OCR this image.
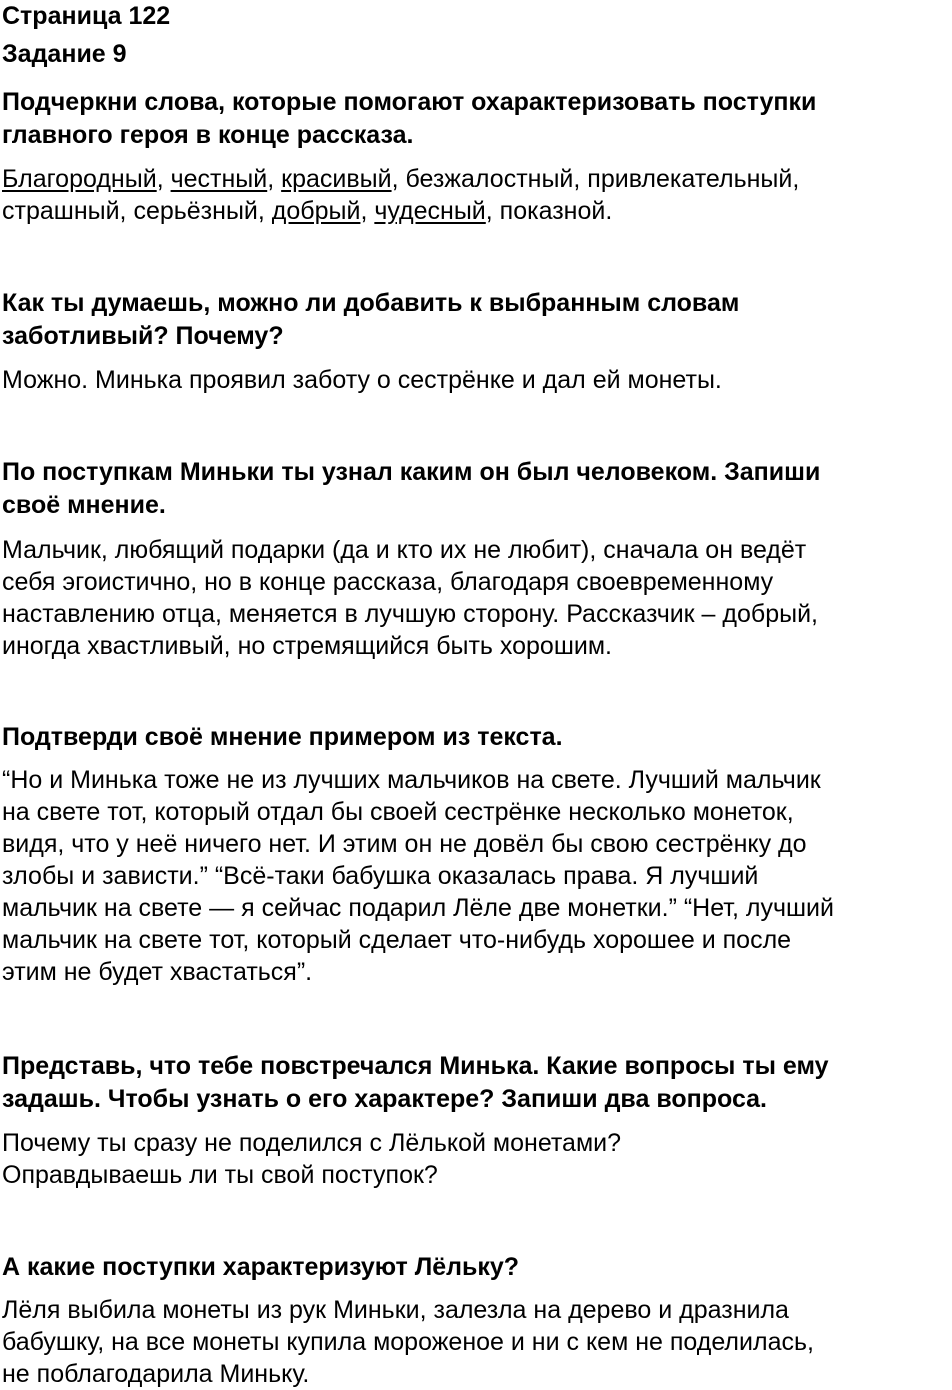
Страница 122
Задание 9
Подчеркни слова, которые помогают охарактеризовать поступки
главного героя в конце рассказа.
Благородный, честный, красивый, безжалостный, привлекательный,
страшный, серьёзный, добрый, чудесный, показной.
Как ты думаешь, можно ли добавить к выбранным словам
заботливый? Почему?
Можно. Минька проявил заботу о сестрёнке и дал ей монеты.
По поступкам Миньки ты узнал каким он был человеком. Запиши
своё мнение.
Мальчик, любящий подарки (да и кто их не любит), сначала он ведёт
себя эгоистично, но в конце рассказа, благодаря своевременному
наставлению отца, меняется в лучшую сторону. Рассказчик – добрый,
иногда хвастливый, но стремящийся быть хорошим.
Подтверди своё мнение примером из текста.
“Но и Минька тоже не из лучших мальчиков на свете. Лучший мальчик
на свете тот, который отдал бы своей сестрёнке несколько монеток,
видя, что у неё ничего нет. И этим он не довёл бы свою сестрёнку до
злобы и зависти.” “Всё-таки бабушка оказалась права. Я лучший
мальчик на свете — я сейчас подарил Лёле две монетки.” “Нет, лучший
мальчик на свете тот, который сделает что-нибудь хорошее и после
этим не будет хвастаться”.
Представь, что тебе повстречался Минька. Какие вопросы ты ему
задашь. Чтобы узнать о его характере? Запиши два вопроса.
Почему ты сразу не поделился с Лёлькой монетами?
Оправдываешь ли ты свой поступок?
А какие поступки характеризуют Лёльку?
Лёля выбила монеты из рук Миньки, залезла на дерево и дразнила
бабушку, на все монеты купила мороженое и ни с кем не поделилась,
не поблагодарила Миньку.
